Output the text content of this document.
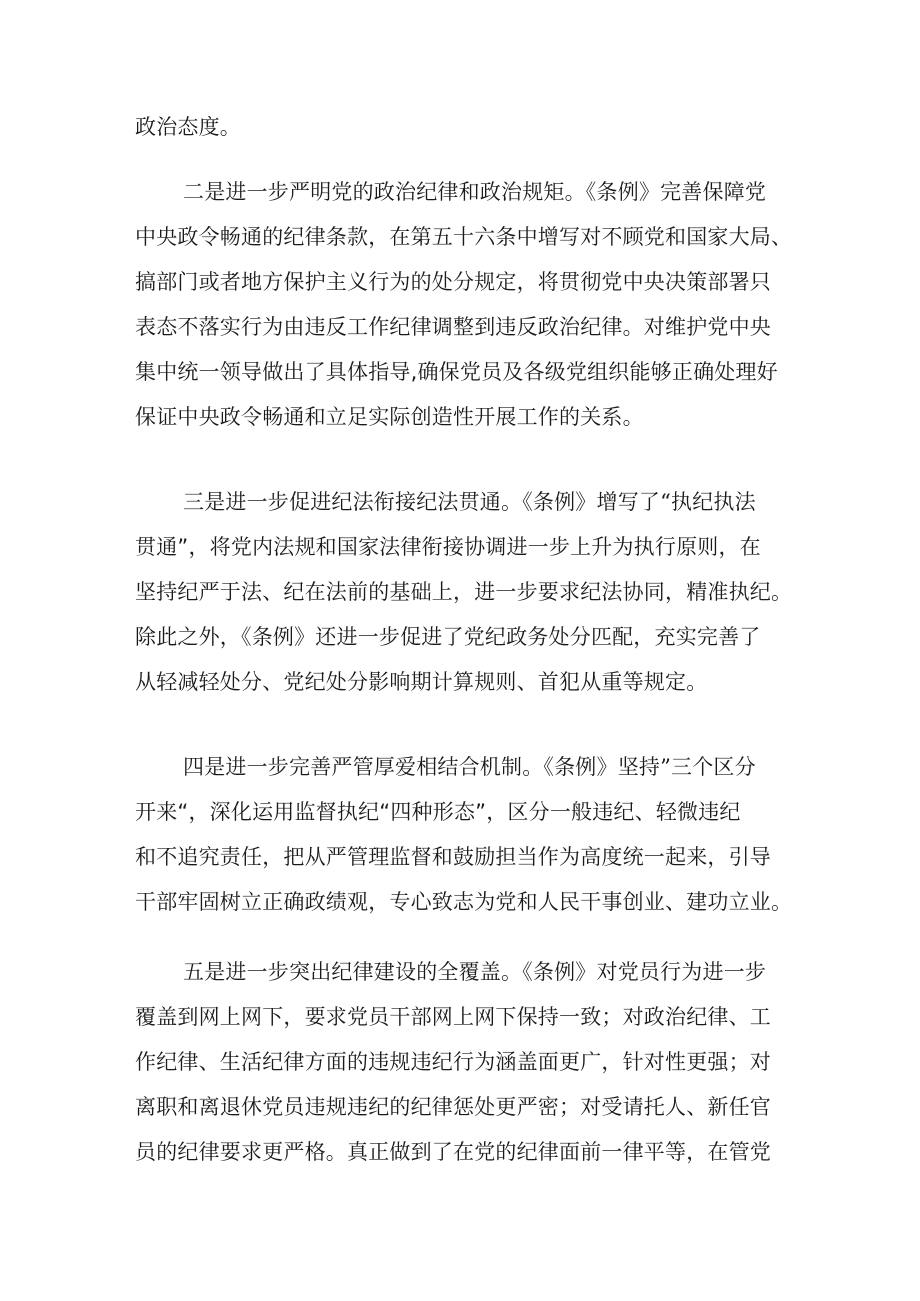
政治态度。
二是进一步严明党的政治纪律和政治规矩。《条例》完善保障党
中央政令畅通的纪律条款，在第五十六条中增写对不顾党和国家大局、
搞部门或者地方保护主义行为的处分规定，将贯彻党中央决策部署只
表态不落实行为由违反工作纪律调整到违反政治纪律。对维护党中央
集中统一领导做出了具体指导,确保党员及各级党组织能够正确处理好
保证中央政令畅通和立足实际创造性开展工作的关系。
三是进一步促进纪法衔接纪法贯通。《条例》增写了“执纪执法
贯通”，将党内法规和国家法律衔接协调进一步上升为执行原则，在
坚持纪严于法、纪在法前的基础上，进一步要求纪法协同，精准执纪。
除此之外，《条例》还进一步促进了党纪政务处分匹配，充实完善了
从轻减轻处分、党纪处分影响期计算规则、首犯从重等规定。
四是进一步完善严管厚爱相结合机制。《条例》坚持”三个区分
开来“，深化运用监督执纪“四种形态”，区分一般违纪、轻微违纪
和不追究责任，把从严管理监督和鼓励担当作为高度统一起来，引导
干部牢固树立正确政绩观，专心致志为党和人民干事创业、建功立业。
五是进一步突出纪律建设的全覆盖。《条例》对党员行为进一步
覆盖到网上网下，要求党员干部网上网下保持一致；对政治纪律、工
作纪律、生活纪律方面的违规违纪行为涵盖面更广，针对性更强；对
离职和离退休党员违规违纪的纪律惩处更严密；对受请托人、新任官
员的纪律要求更严格。真正做到了在党的纪律面前一律平等，在管党
